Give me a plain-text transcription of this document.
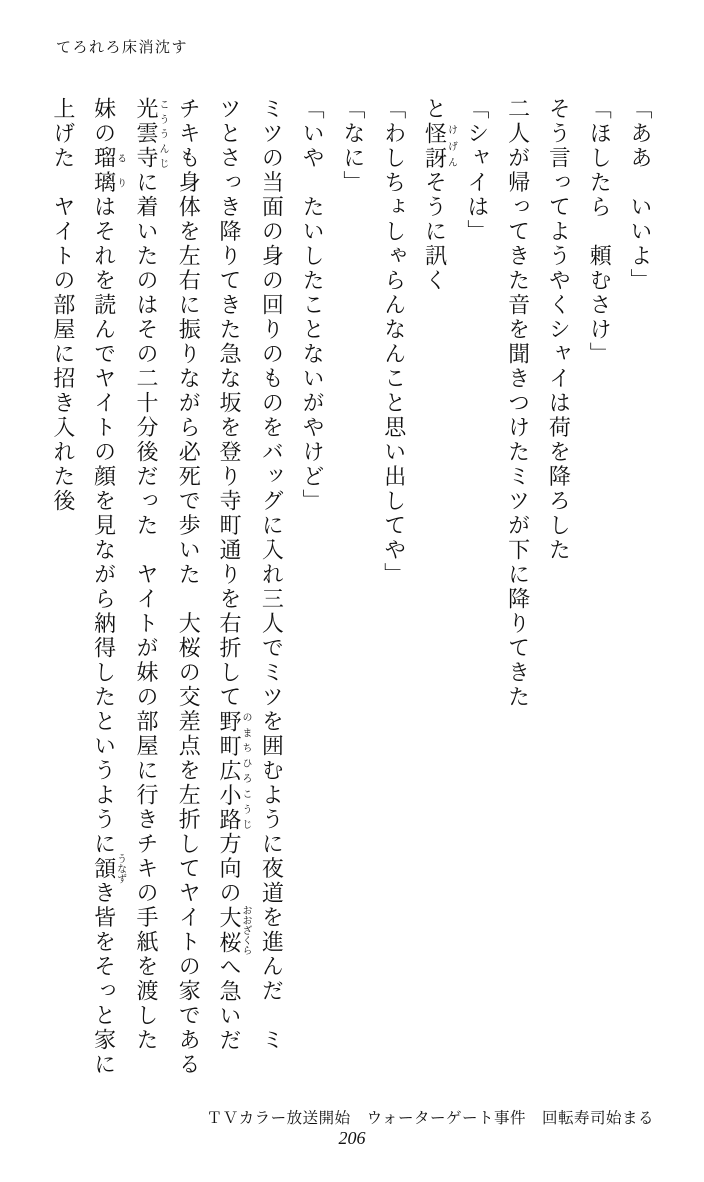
てろれろ床消沈す
「ああ　いいよ」
「ほしたら　頼むさけ」
そう言ってようやくシャイは荷を降ろした
二人が帰ってきた音を聞きつけたミツが下に降りてきた
「シャイは」
と怪訝けげんそうに訊く
「わしちょしゃらんなんこと思い出してや」
「なに」
「いや　たいしたことないがやけど」
ミツの当面の身の回りのものをバッグに入れ三人でミツを囲むように夜道を進んだ　ミ
ツとさっき降りてきた急な坂を登り寺町通りを右折して野町広小路のまちひろこうじ方向の大桜おおざくらへ急いだ
チキも身体を左右に振りながら必死で歩いた　大桜の交差点を左折してヤイトの家である
光雲寺こううんじに着いたのはその二十分後だった　ヤイトが妹の部屋に行きチキの手紙を渡した
妹の瑠璃るりはそれを読んでヤイトの顔を見ながら納得したというように頷うなずき皆をそっと家に
上げた　ヤイトの部屋に招き入れた後
ＴＶカラー放送開始　ウォーターゲート事件　回転寿司始まる
206
